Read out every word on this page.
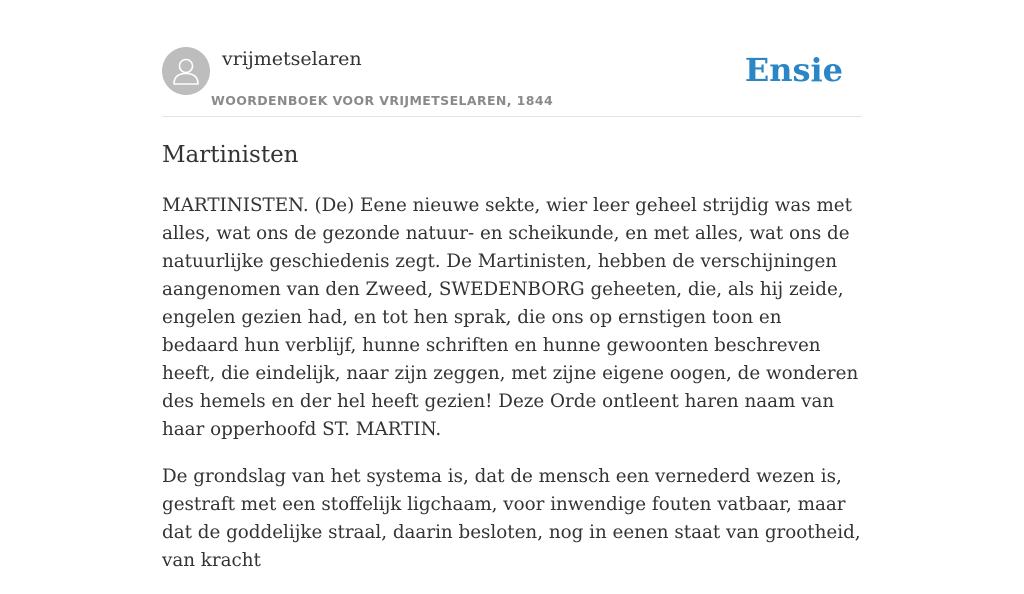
vrijmetselaren
WOORDENBOEK VOOR VRIJMETSELAREN, 1844
Ensie
Martinisten

MARTINISTEN. (De) Eene nieuwe sekte, wier leer geheel strijdig was met alles, wat ons de gezonde natuur- en scheikunde, en met alles, wat ons de natuurlijke geschiedenis zegt. De Martinisten, hebben de verschijningen aangenomen van den Zweed, SWEDENBORG geheeten, die, als hij zeide, engelen gezien had, en tot hen sprak, die ons op ernstigen toon en bedaard hun verblijf, hunne schriften en hunne gewoonten beschreven heeft, die eindelijk, naar zijn zeggen, met zijne eigene oogen, de wonderen des hemels en der hel heeft gezien! Deze Orde ontleent haren naam van haar opperhoofd ST. MARTIN.

De grondslag van het systema is, dat de mensch een vernederd wezen is, gestraft met een stoffelijk ligchaam, voor inwendige fouten vatbaar, maar dat de goddelijke straal, daarin besloten, nog in eenen staat van grootheid, van kracht
